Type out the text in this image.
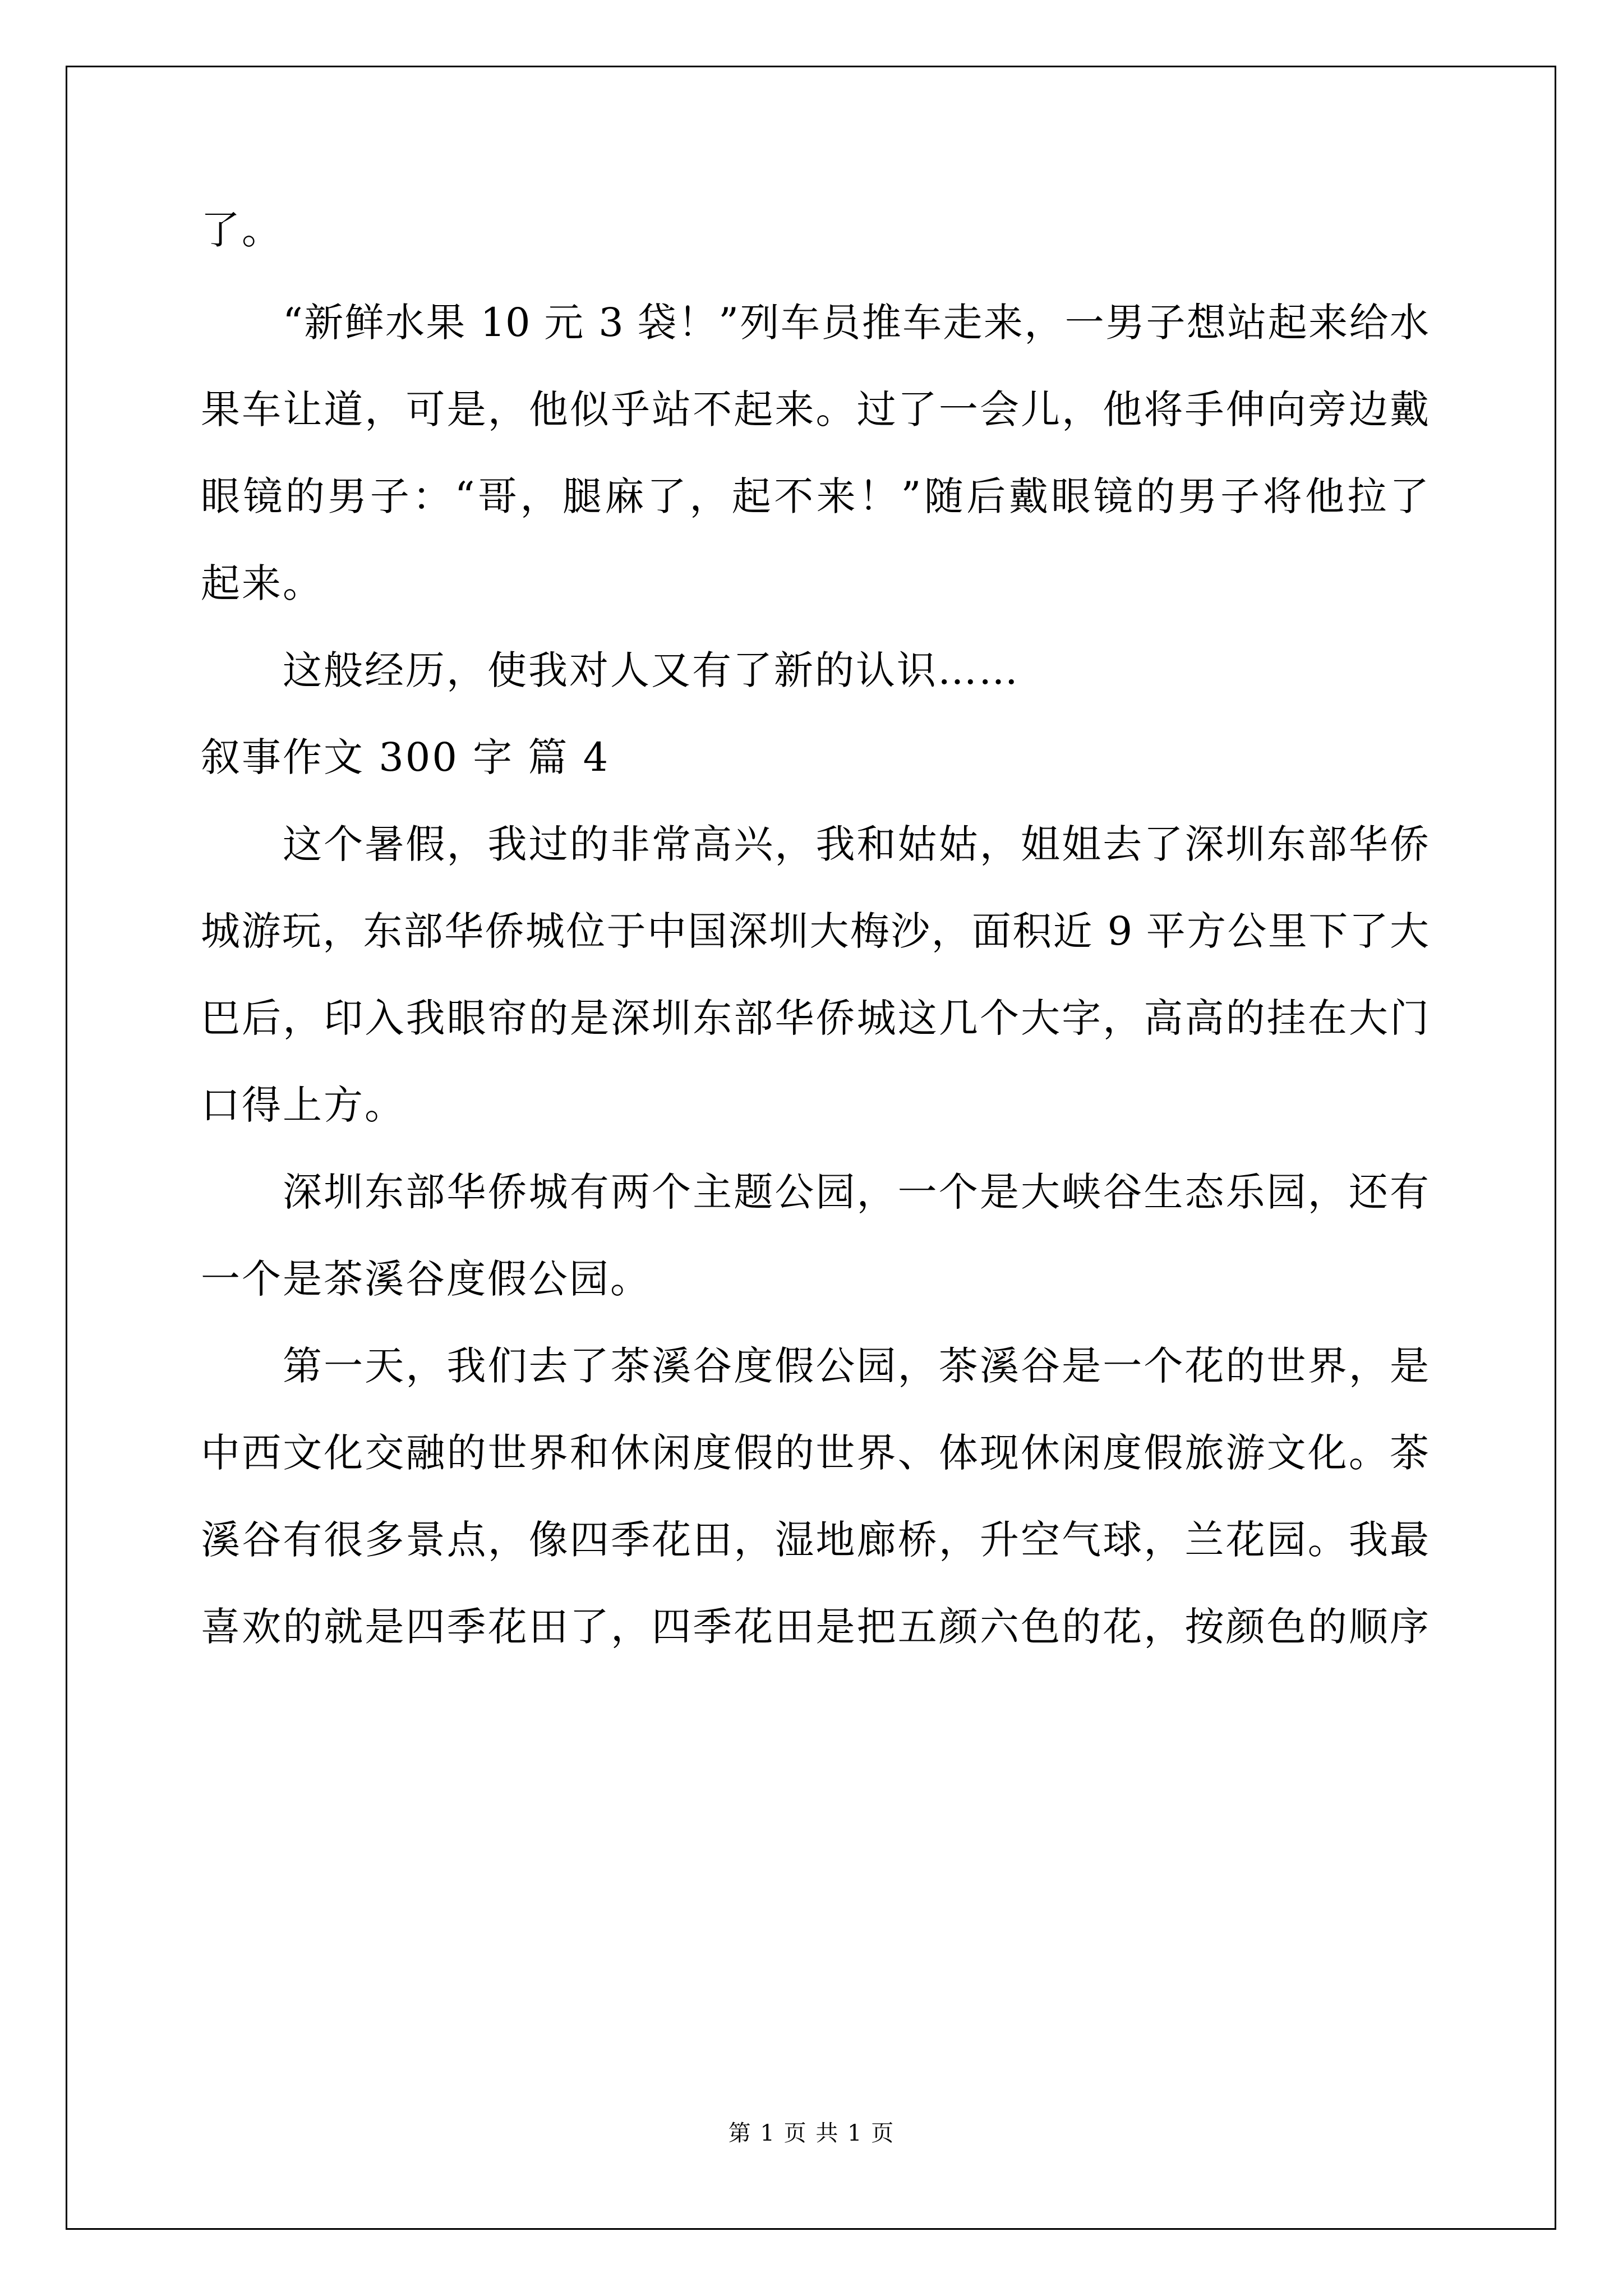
了。
“新鲜水果 10 元 3 袋！”列车员推车走来，一男子想站起来给水
果车让道，可是，他似乎站不起来。过了一会儿，他将手伸向旁边戴
眼镜的男子：“哥，腿麻了，起不来！”随后戴眼镜的男子将他拉了
起来。
这般经历，使我对人又有了新的认识……
叙事作文 300 字 篇 4
这个暑假，我过的非常高兴，我和姑姑，姐姐去了深圳东部华侨
城游玩，东部华侨城位于中国深圳大梅沙，面积近 9 平方公里下了大
巴后，印入我眼帘的是深圳东部华侨城这几个大字，高高的挂在大门
口得上方。
深圳东部华侨城有两个主题公园，一个是大峡谷生态乐园，还有
一个是茶溪谷度假公园。
第一天，我们去了茶溪谷度假公园，茶溪谷是一个花的世界，是
中西文化交融的世界和休闲度假的世界、体现休闲度假旅游文化。茶
溪谷有很多景点，像四季花田，湿地廊桥，升空气球，兰花园。我最
喜欢的就是四季花田了，四季花田是把五颜六色的花，按颜色的顺序
第 1 页 共 1 页
